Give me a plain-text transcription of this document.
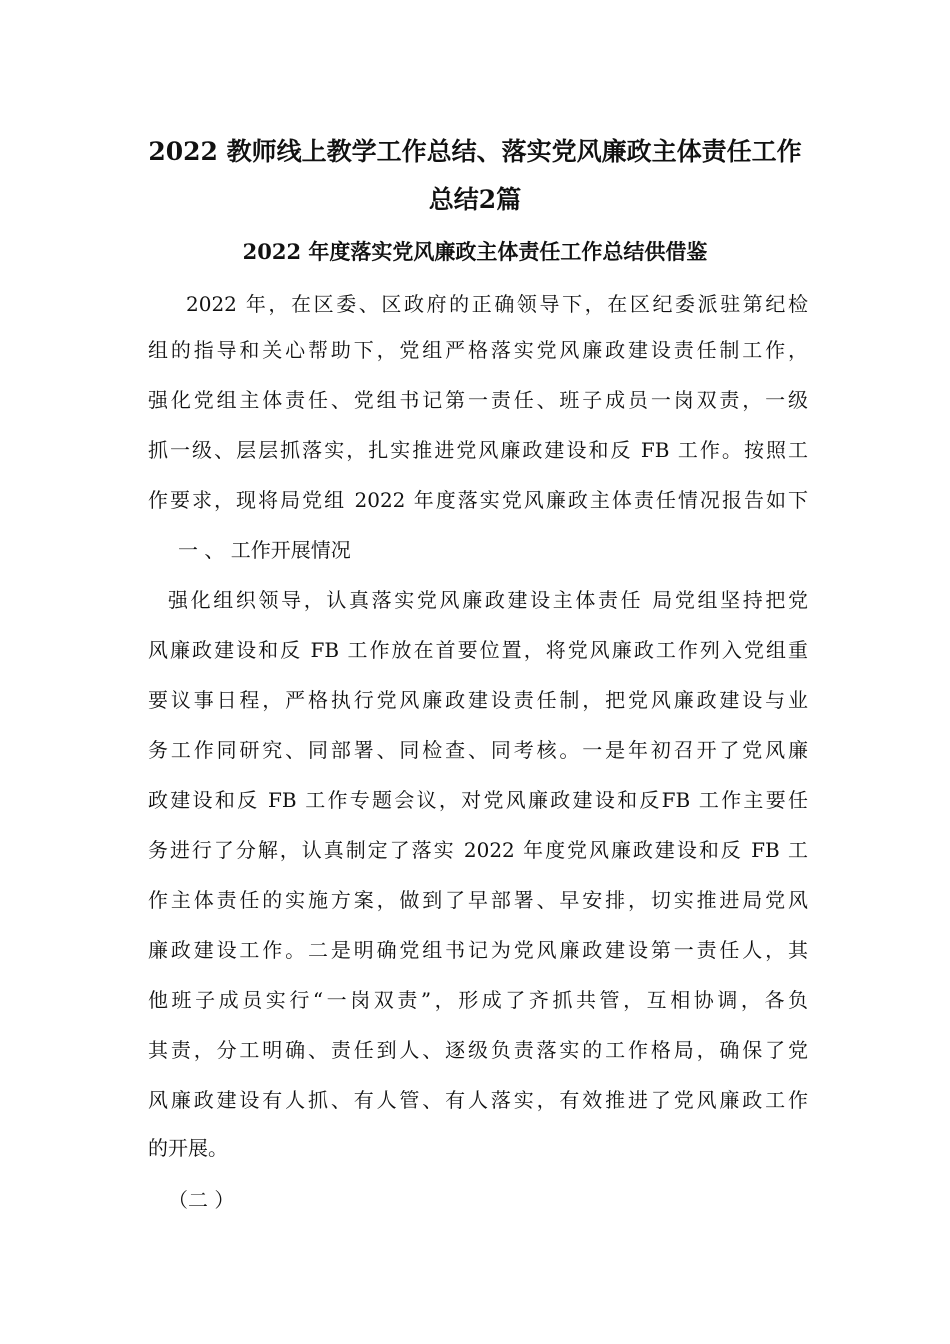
2022 教师线上教学工作总结、落实党风廉政主体责任工作
总结2篇
2022 年度落实党风廉政主体责任工作总结供借鉴
2022 年，在区委、区政府的正确领导下，在区纪委派驻第纪检
组的指导和关心帮助下，党组严格落实党风廉政建设责任制工作，
强化党组主体责任、党组书记第一责任、班子成员一岗双责，一级
抓一级、层层抓落实，扎实推进党风廉政建设和反 FB 工作。按照工
作要求，现将局党组 2022 年度落实党风廉政主体责任情况报告如下
一 、 工作开展情况
强化组织领导，认真落实党风廉政建设主体责任 局党组坚持把党
风廉政建设和反 FB 工作放在首要位置，将党风廉政工作列入党组重
要议事日程，严格执行党风廉政建设责任制，把党风廉政建设与业
务工作同研究、同部署、同检查、同考核。一是年初召开了党风廉
政建设和反 FB 工作专题会议，对党风廉政建设和反FB 工作主要任
务进行了分解，认真制定了落实 2022 年度党风廉政建设和反 FB 工
作主体责任的实施方案，做到了早部署、早安排，切实推进局党风
廉政建设工作。二是明确党组书记为党风廉政建设第一责任人，其
他班子成员实行“一岗双责”，形成了齐抓共管，互相协调，各负
其责，分工明确、责任到人、逐级负责落实的工作格局，确保了党
风廉政建设有人抓、有人管、有人落实，有效推进了党风廉政工作
的开展。
（二 ）
